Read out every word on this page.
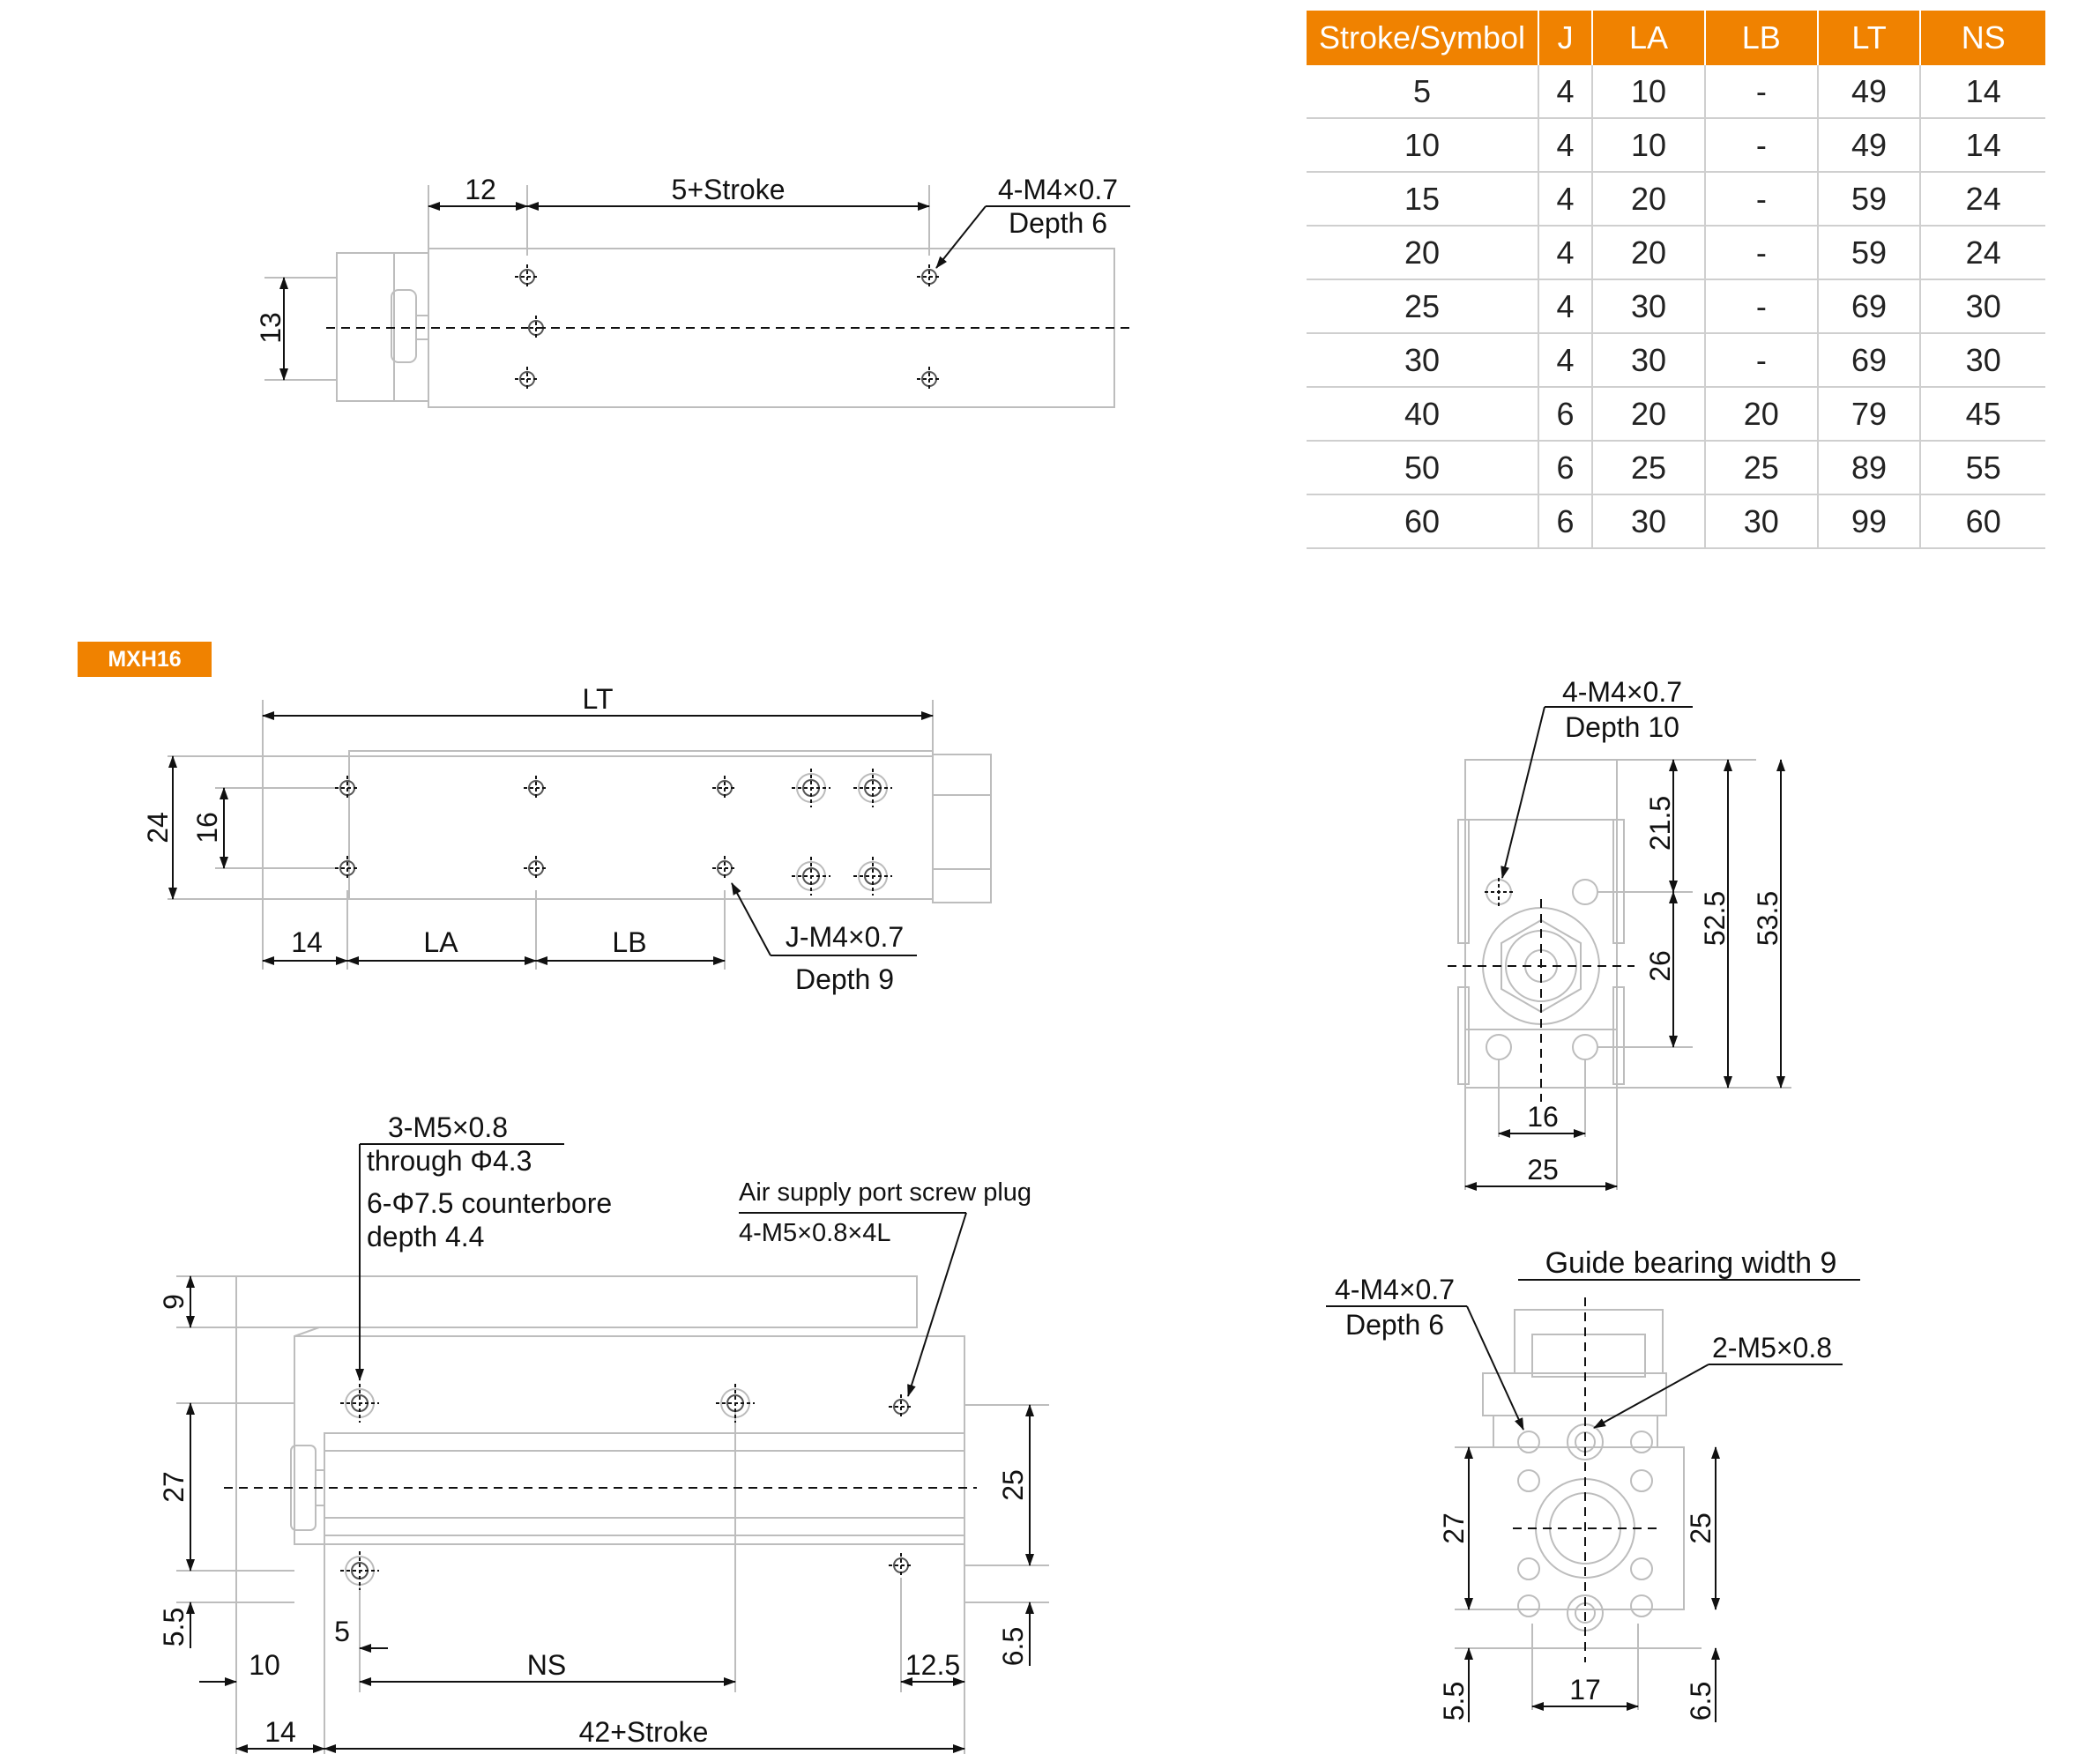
MXH16
Stroke/Symbol	J	LA	LB	LT	NS
5	4	10	-	49	14
10	4	10	-	49	14
15	4	20	-	59	24
20	4	20	-	59	24
25	4	30	-	69	30
30	4	30	-	69	30
40	6	20	20	79	45
50	6	25	25	89	55
60	6	30	30	99	60
12	5+Stroke
13
4-M4×0.7
Depth 6
LT
24 16
14	LA	LB	J-M4×0.7
Depth 9
4-M4×0.7
Depth 10
21.5
26
52.5 53.5
16
25
9
27
5.5
25
6.5
5
10	NS	12.5
14	42+Stroke
3-M5×0.8
through Φ4.3
6-Φ7.5 counterbore
depth 4.4
Air supply port screw plug
4-M5×0.8×4L
Guide bearing width 9
4-M4×0.7
Depth 6
2-M5×0.8
27	25
5.5	6.5
17
